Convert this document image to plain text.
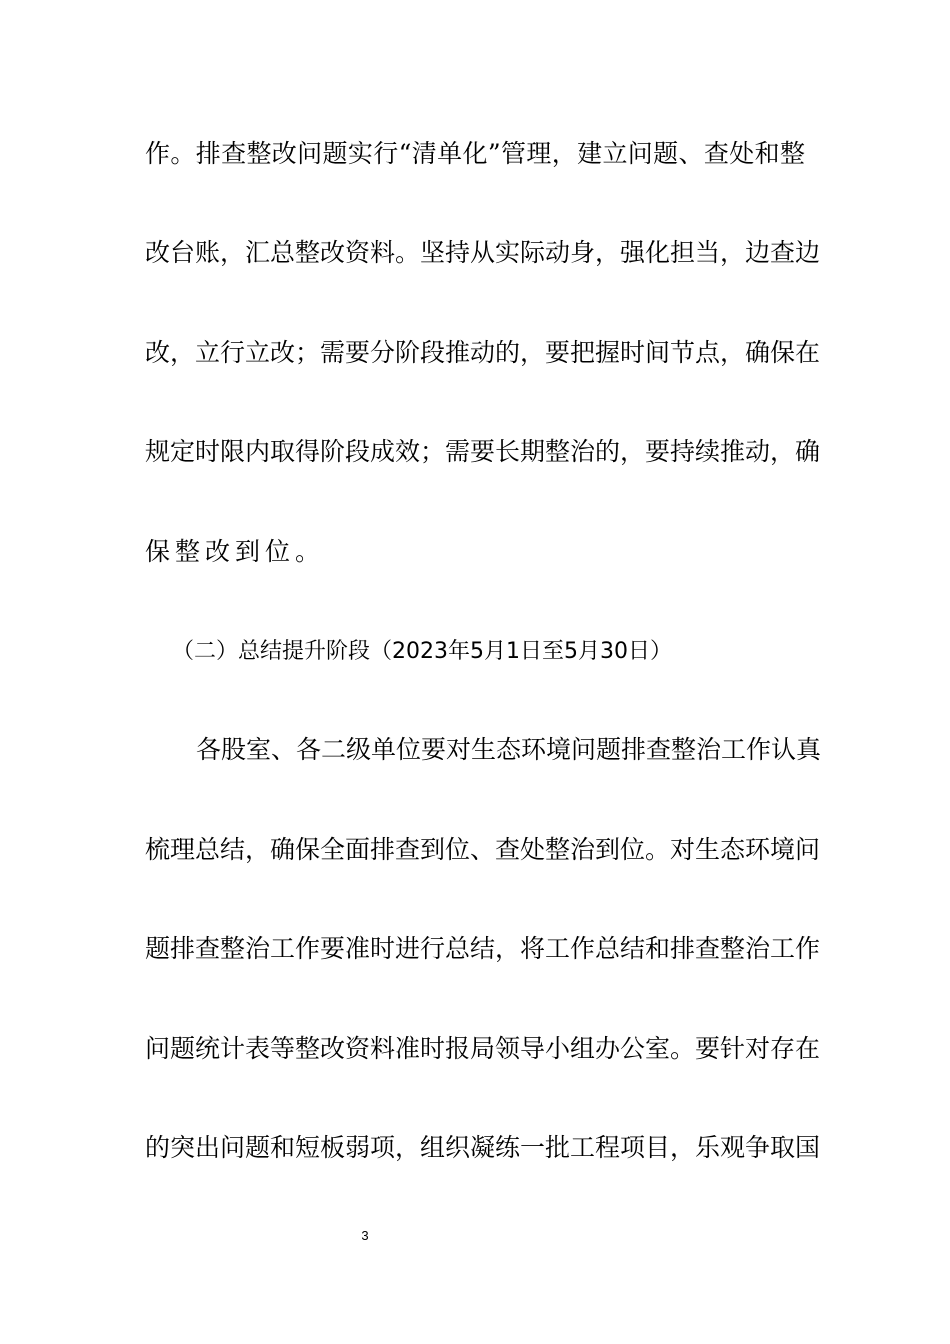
作。排查整改问题实行“清单化”管理，建立问题、查处和整
改台账，汇总整改资料。坚持从实际动身，强化担当，边查边
改，立行立改；需要分阶段推动的，要把握时间节点，确保在
规定时限内取得阶段成效；需要长期整治的，要持续推动，确
保整改到位。
（二）总结提升阶段（2023年5月1日至5月30日）
各股室、各二级单位要对生态环境问题排查整治工作认真
梳理总结，确保全面排查到位、查处整治到位。对生态环境问
题排查整治工作要准时进行总结，将工作总结和排查整治工作
问题统计表等整改资料准时报局领导小组办公室。要针对存在
的突出问题和短板弱项，组织凝练一批工程项目，乐观争取国
3
